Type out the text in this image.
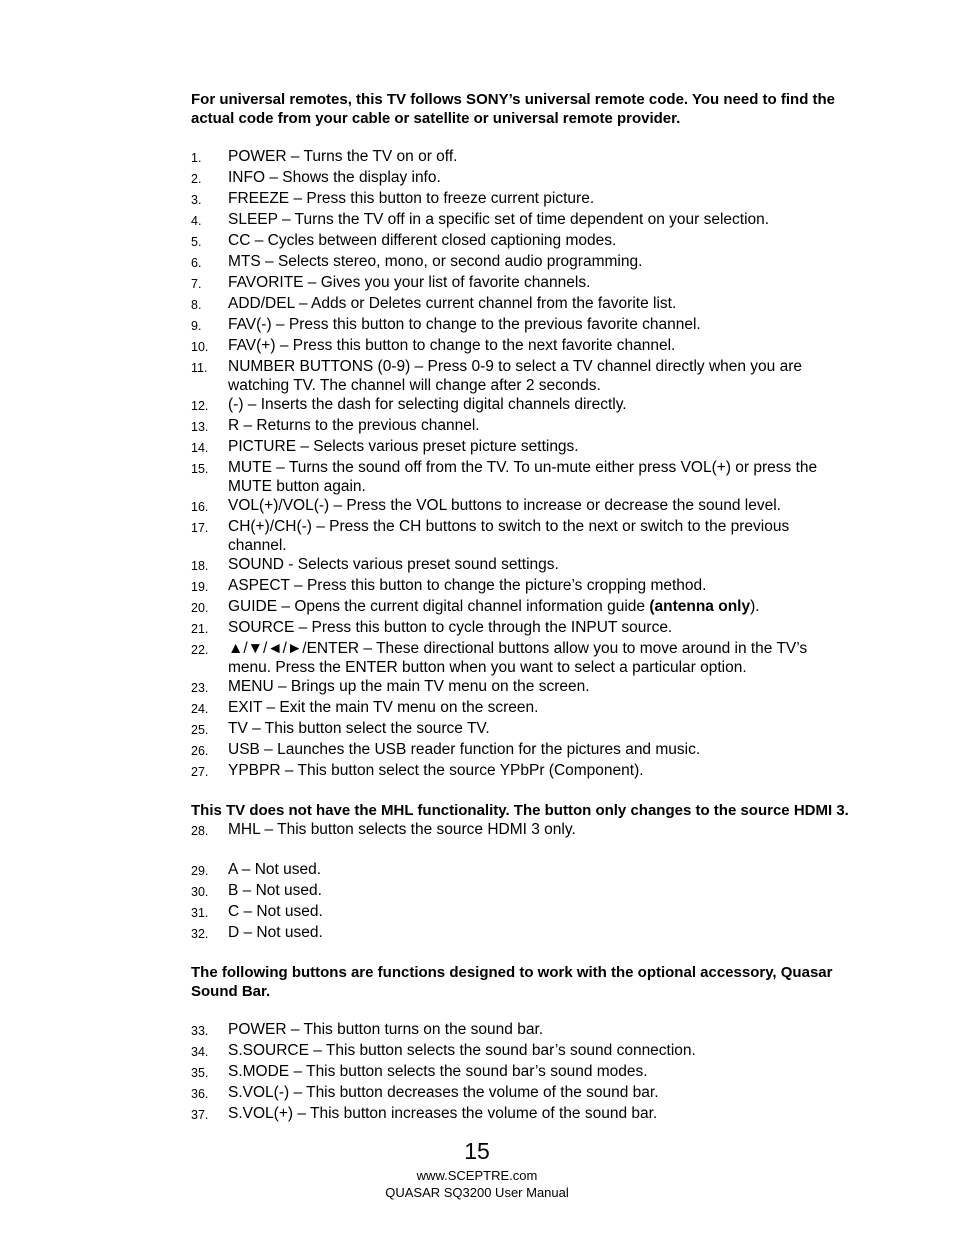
For universal remotes, this TV follows SONY’s universal remote code. You need to find the actual code from your cable or satellite or universal remote provider.

1.	POWER – Turns the TV on or off.
2.	INFO – Shows the display info.
3.	FREEZE – Press this button to freeze current picture.
4.	SLEEP – Turns the TV off in a specific set of time dependent on your selection.
5.	CC – Cycles between different closed captioning modes.
6.	MTS – Selects stereo, mono, or second audio programming.
7.	FAVORITE – Gives you your list of favorite channels.
8.	ADD/DEL – Adds or Deletes current channel from the favorite list.
9.	FAV(-) – Press this button to change to the previous favorite channel.
10.	FAV(+) – Press this button to change to the next favorite channel.
11.	NUMBER BUTTONS (0-9) – Press 0-9 to select a TV channel directly when you are watching TV. The channel will change after 2 seconds.
12.	(-) – Inserts the dash for selecting digital channels directly.
13.	R – Returns to the previous channel.
14.	PICTURE – Selects various preset picture settings.
15.	MUTE – Turns the sound off from the TV. To un-mute either press VOL(+) or press the MUTE button again.
16.	VOL(+)/VOL(-) – Press the VOL buttons to increase or decrease the sound level.
17.	CH(+)/CH(-) – Press the CH buttons to switch to the next or switch to the previous channel.
18.	SOUND - Selects various preset sound settings.
19.	ASPECT – Press this button to change the picture’s cropping method.
20.	GUIDE – Opens the current digital channel information guide (antenna only).
21.	SOURCE – Press this button to cycle through the INPUT source.
22.	▲/▼/◄/►/ENTER – These directional buttons allow you to move around in the TV’s menu. Press the ENTER button when you want to select a particular option.
23.	MENU – Brings up the main TV menu on the screen.
24.	EXIT – Exit the main TV menu on the screen.
25.	TV – This button select the source TV.
26.	USB – Launches the USB reader function for the pictures and music.
27.	YPBPR – This button select the source YPbPr (Component).

This TV does not have the MHL functionality. The button only changes to the source HDMI 3.

28.	MHL – This button selects the source HDMI 3 only.
29.	A – Not used.
30.	B – Not used.
31.	C – Not used.
32.	D – Not used.

The following buttons are functions designed to work with the optional accessory, Quasar Sound Bar.

33.	POWER – This button turns on the sound bar.
34.	S.SOURCE – This button selects the sound bar’s sound connection.
35.	S.MODE – This button selects the sound bar’s sound modes.
36.	S.VOL(-) – This button decreases the volume of the sound bar.
37.	S.VOL(+) – This button increases the volume of the sound bar.
15
www.SCEPTRE.com
QUASAR SQ3200 User Manual
